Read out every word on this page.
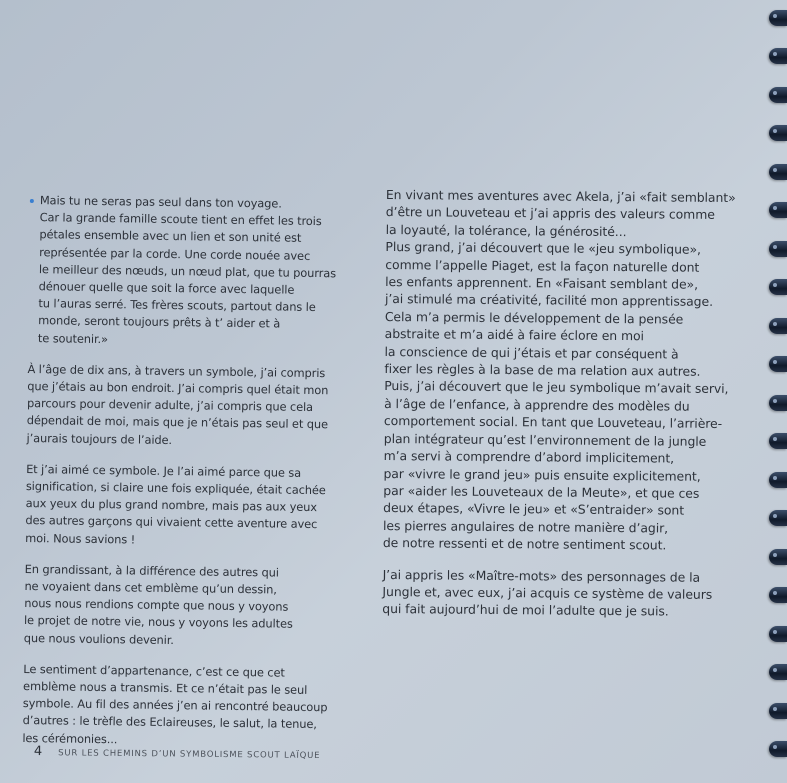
Mais tu ne seras pas seul dans ton voyage.
Car la grande famille scoute tient en effet les trois
pétales ensemble avec un lien et son unité est
représentée par la corde. Une corde nouée avec
le meilleur des nœuds, un nœud plat, que tu pourras
dénouer quelle que soit la force avec laquelle
tu l’auras serré. Tes frères scouts, partout dans le
monde, seront toujours prêts à t’ aider et à
te soutenir.»
À l’âge de dix ans, à travers un symbole, j’ai compris
que j’étais au bon endroit. J’ai compris quel était mon
parcours pour devenir adulte, j’ai compris que cela
dépendait de moi, mais que je n’étais pas seul et que
j’aurais toujours de l’aide.
Et j’ai aimé ce symbole. Je l’ai aimé parce que sa
signification, si claire une fois expliquée, était cachée
aux yeux du plus grand nombre, mais pas aux yeux
des autres garçons qui vivaient cette aventure avec
moi. Nous savions !
En grandissant, à la différence des autres qui
ne voyaient dans cet emblème qu’un dessin,
nous nous rendions compte que nous y voyons
le projet de notre vie, nous y voyons les adultes
que nous voulions devenir.
Le sentiment d’appartenance, c’est ce que cet
emblème nous a transmis. Et ce n’était pas le seul
symbole. Au fil des années j’en ai rencontré beaucoup
d’autres : le trèfle des Eclaireuses, le salut, la tenue,
les cérémonies...
En vivant mes aventures avec Akela, j’ai «fait semblant»
d’être un Louveteau et j’ai appris des valeurs comme
la loyauté, la tolérance, la générosité...
Plus grand, j’ai découvert que le «jeu symbolique»,
comme l’appelle Piaget, est la façon naturelle dont
les enfants apprennent. En «Faisant semblant de»,
j’ai stimulé ma créativité, facilité mon apprentissage.
Cela m’a permis le développement de la pensée
abstraite et m’a aidé à faire éclore en moi
la conscience de qui j’étais et par conséquent à
fixer les règles à la base de ma relation aux autres.
Puis, j’ai découvert que le jeu symbolique m’avait servi,
à l’âge de l’enfance, à apprendre des modèles du
comportement social. En tant que Louveteau, l’arrière-
plan intégrateur qu’est l’environnement de la jungle
m’a servi à comprendre d’abord implicitement,
par «vivre le grand jeu» puis ensuite explicitement,
par «aider les Louveteaux de la Meute», et que ces
deux étapes, «Vivre le jeu» et «S’entraider» sont
les pierres angulaires de notre manière d’agir,
de notre ressenti et de notre sentiment scout.
J’ai appris les «Maître-mots» des personnages de la
Jungle et, avec eux, j’ai acquis ce système de valeurs
qui fait aujourd’hui de moi l’adulte que je suis.
4 SUR LES CHEMINS D’UN SYMBOLISME SCOUT LAÏQUE
